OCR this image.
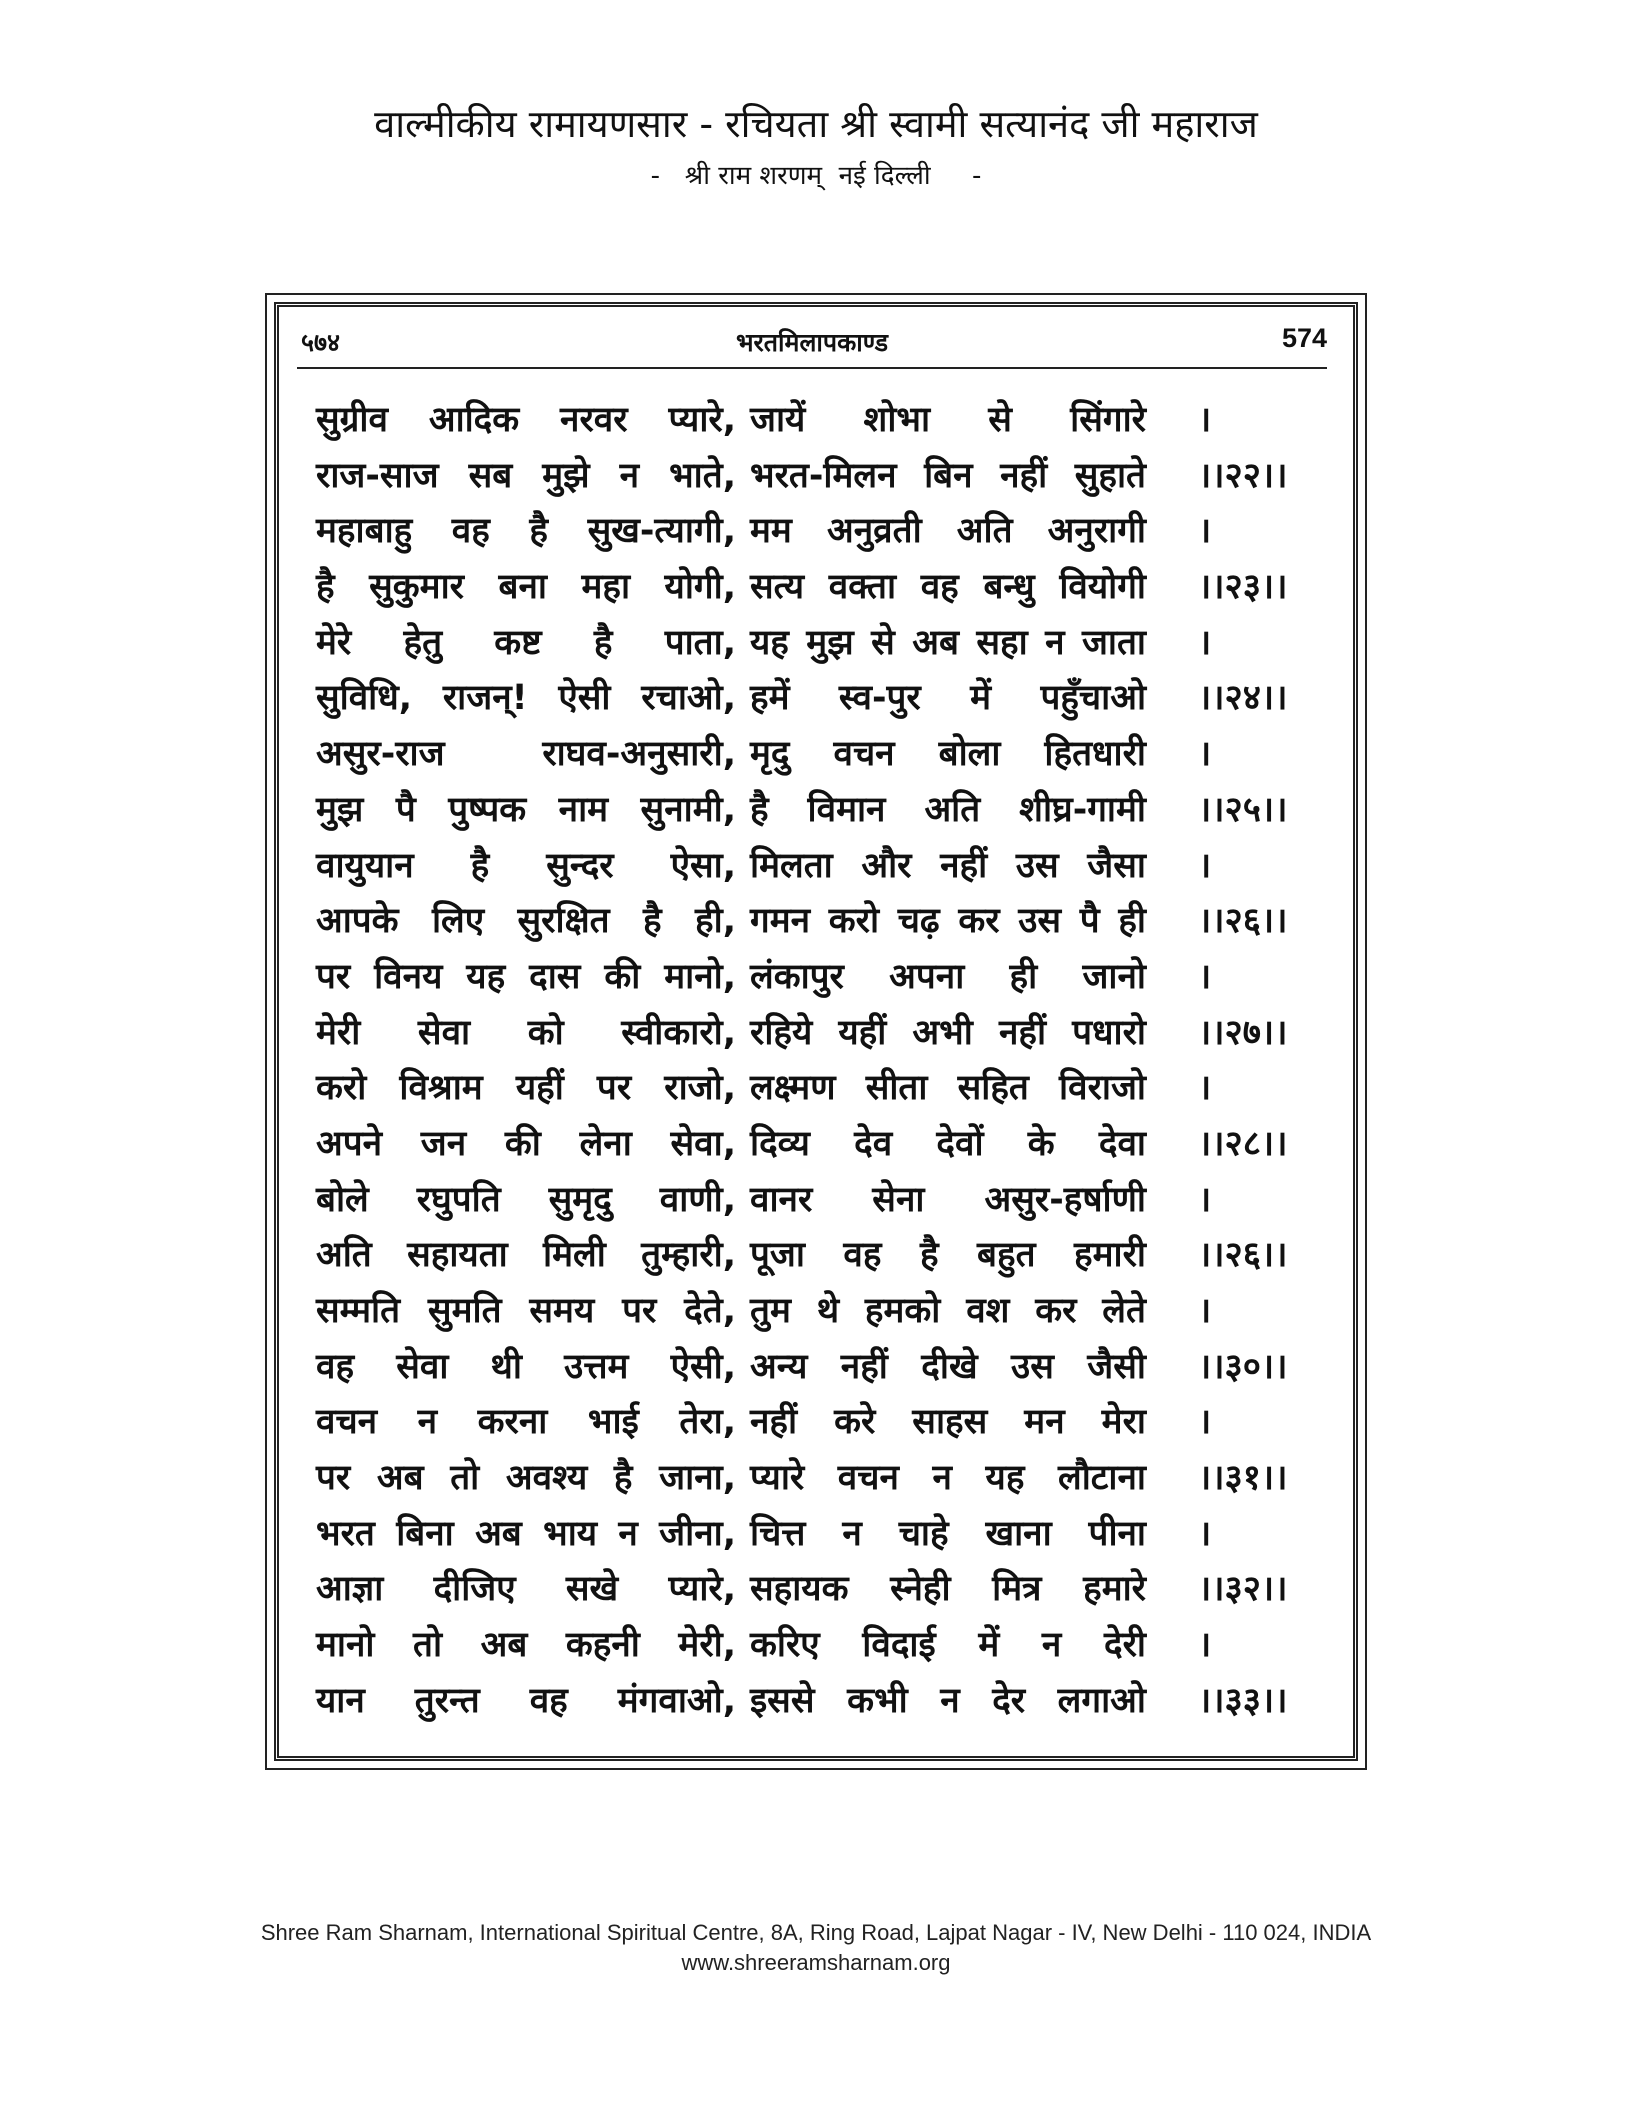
वाल्मीकीय रामायणसार - रचियता श्री स्वामी सत्यानंद जी महाराज
-   श्री राम शरणम्  नई दिल्ली     -
५७४	भरतमिलापकाण्ड	574
सुग्रीव आदिक नरवर प्यारे, जायें शोभा से सिंगारे ।
राज-साज सब मुझे न भाते, भरत-मिलन बिन नहीं सुहाते ।।२२।।
महाबाहु वह है सुख-त्यागी, मम अनुव्रती अति अनुरागी ।
है सुकुमार बना महा योगी, सत्य वक्ता वह बन्धु वियोगी ।।२३।।
मेरे हेतु कष्ट है पाता, यह मुझ से अब सहा न जाता ।
सुविधि, राजन्! ऐसी रचाओ, हमें स्व-पुर में पहुँचाओ ।।२४।।
असुर-राज राघव-अनुसारी, मृदु वचन बोला हितधारी ।
मुझ पै पुष्पक नाम सुनामी, है विमान अति शीघ्र-गामी ।।२५।।
वायुयान है सुन्दर ऐसा, मिलता और नहीं उस जैसा ।
आपके लिए सुरक्षित है ही, गमन करो चढ़ कर उस पै ही ।।२६।।
पर विनय यह दास की मानो, लंकापुर अपना ही जानो ।
मेरी सेवा को स्वीकारो, रहिये यहीं अभी नहीं पधारो ।।२७।।
करो विश्राम यहीं पर राजो, लक्ष्मण सीता सहित विराजो ।
अपने जन की लेना सेवा, दिव्य देव देवों के देवा ।।२८।।
बोले रघुपति सुमृदु वाणी, वानर सेना असुर-हर्षाणी ।
अति सहायता मिली तुम्हारी, पूजा वह है बहुत हमारी ।।२६।।
सम्मति सुमति समय पर देते, तुम थे हमको वश कर लेते ।
वह सेवा थी उत्तम ऐसी, अन्य नहीं दीखे उस जैसी ।।३०।।
वचन न करना भाई तेरा, नहीं करे साहस मन मेरा ।
पर अब तो अवश्य है जाना, प्यारे वचन न यह लौटाना ।।३१।।
भरत बिना अब भाय न जीना, चित्त न चाहे खाना पीना ।
आज्ञा दीजिए सखे प्यारे, सहायक स्नेही मित्र हमारे ।।३२।।
मानो तो अब कहनी मेरी, करिए विदाई में न देरी ।
यान तुरन्त वह मंगवाओ, इससे कभी न देर लगाओ ।।३३।।
Shree Ram Sharnam, International Spiritual Centre, 8A, Ring Road, Lajpat Nagar - IV, New Delhi - 110 024, INDIA
www.shreeramsharnam.org
